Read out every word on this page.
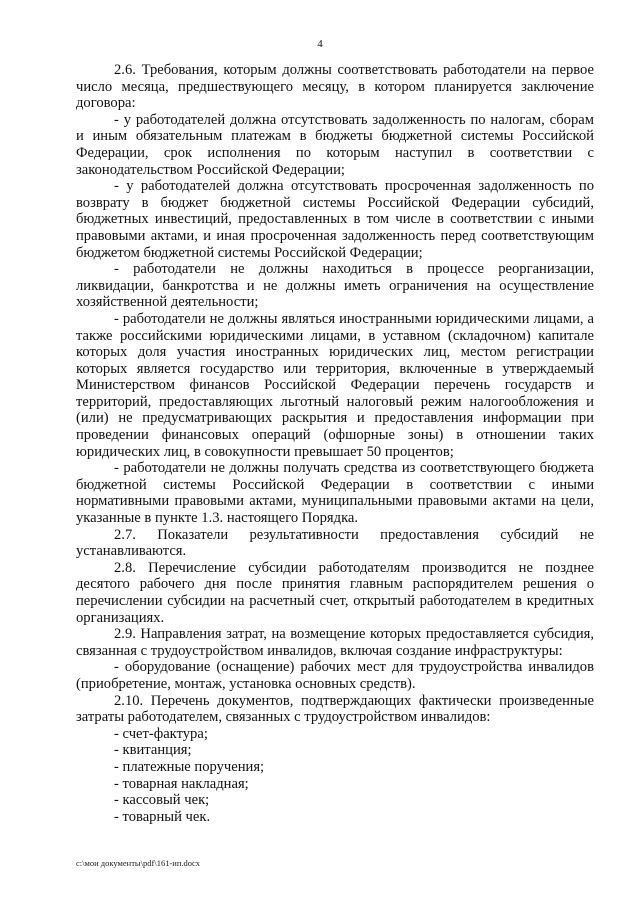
4

2.6. Требования, которым должны соответствовать работодатели на первое число месяца, предшествующего месяцу, в котором планируется заключение договора:

- у работодателей должна отсутствовать задолженность по налогам, сборам и иным обязательным платежам в бюджеты бюджетной системы Российской Федерации, срок исполнения по которым наступил в соответствии с законодательством Российской Федерации;

- у работодателей должна отсутствовать просроченная задолженность по возврату в бюджет бюджетной системы Российской Федерации субсидий, бюджетных инвестиций, предоставленных в том числе в соответствии с иными правовыми актами, и иная просроченная задолженность перед соответствующим бюджетом бюджетной системы Российской Федерации;

- работодатели не должны находиться в процессе реорганизации, ликвидации, банкротства и не должны иметь ограничения на осуществление хозяйственной деятельности;

- работодатели не должны являться иностранными юридическими лицами, а также российскими юридическими лицами, в уставном (складочном) капитале которых доля участия иностранных юридических лиц, местом регистрации которых является государство или территория, включенные в утверждаемый Министерством финансов Российской Федерации перечень государств и территорий, предоставляющих льготный налоговый режим налогообложения и (или) не предусматривающих раскрытия и предоставления информации при проведении финансовых операций (офшорные зоны) в отношении таких юридических лиц, в совокупности превышает 50 процентов;

- работодатели не должны получать средства из соответствующего бюджета бюджетной системы Российской Федерации в соответствии с иными нормативными правовыми актами, муниципальными правовыми актами на цели, указанные в пункте 1.3. настоящего Порядка.

2.7. Показатели результативности предоставления субсидий не устанавливаются.

2.8. Перечисление субсидии работодателям производится не позднее десятого рабочего дня после принятия главным распорядителем решения о перечислении субсидии на расчетный счет, открытый работодателем в кредитных организациях.

2.9. Направления затрат, на возмещение которых предоставляется субсидия, связанная с трудоустройством инвалидов, включая создание инфраструктуры:

- оборудование (оснащение) рабочих мест для трудоустройства инвалидов (приобретение, монтаж, установка основных средств).

2.10. Перечень документов, подтверждающих фактически произведенные затраты работодателем, связанных с трудоустройством инвалидов:

- счет-фактура;

- квитанция;

- платежные поручения;

- товарная накладная;

- кассовый чек;

- товарный чек.

c:\мои документы\pdf\161-ип.docx
